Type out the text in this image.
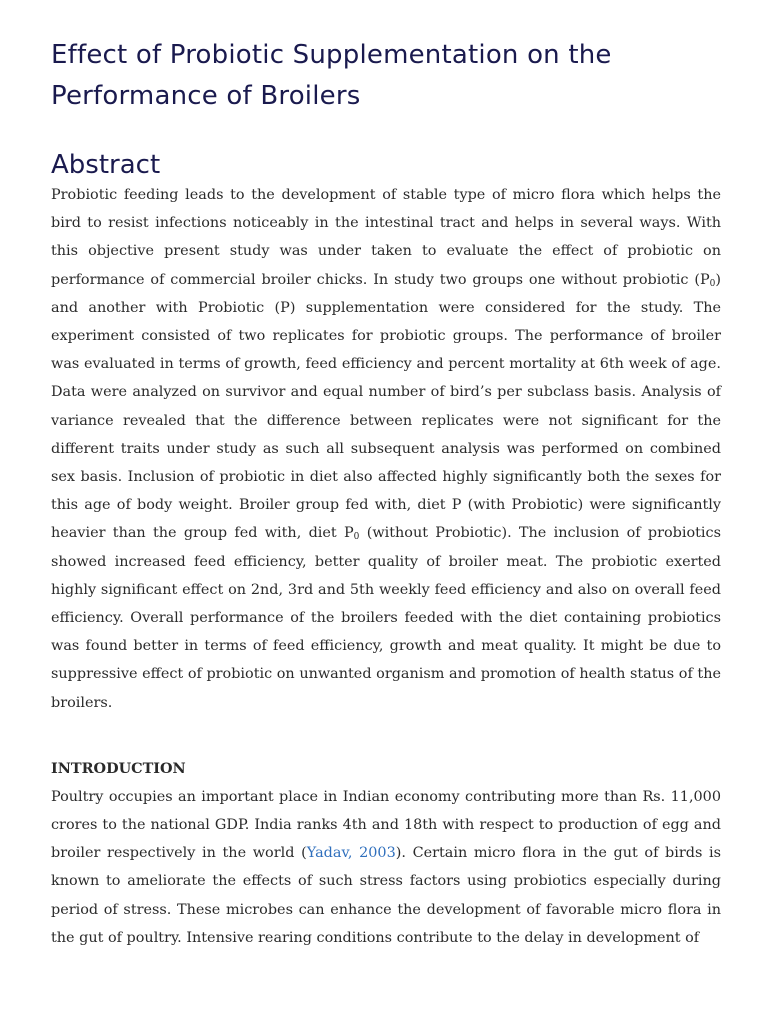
Effect of Probiotic Supplementation on the Performance of Broilers
Abstract

Probiotic feeding leads to the development of stable type of micro flora which helps the bird to resist infections noticeably in the intestinal tract and helps in several ways. With this objective present study was under taken to evaluate the effect of probiotic on performance of commercial broiler chicks. In study two groups one without probiotic $(P_0)$ and another with Probiotic (P) supplementation were considered for the study. The experiment consisted of two replicates for probiotic groups. The performance of broiler was evaluated in terms of growth, feed efficiency and percent mortality at 6th week of age. Data were analyzed on survivor and equal number of bird’s per subclass basis. Analysis of variance revealed that the difference between replicates were not significant for the different traits under study as such all subsequent analysis was performed on combined sex basis. Inclusion of probiotic in diet also affected highly significantly both the sexes for this age of body weight. Broiler group fed with, diet P (with Probiotic) were significantly heavier than the group fed with, diet $P_0$ (without Probiotic). The inclusion of probiotics showed increased feed efficiency, better quality of broiler meat. The probiotic exerted highly significant effect on 2nd, 3rd and 5th weekly feed efficiency and also on overall feed efficiency. Overall performance of the broilers feeded with the diet containing probiotics was found better in terms of feed efficiency, growth and meat quality. It might be due to suppressive effect of probiotic on unwanted organism and promotion of health status of the broilers.

INTRODUCTION

Poultry occupies an important place in Indian economy contributing more than Rs. 11,000 crores to the national GDP. India ranks 4th and 18th with respect to production of egg and broiler respectively in the world (Yadav, 2003). Certain micro flora in the gut of birds is known to ameliorate the effects of such stress factors using probiotics especially during period of stress. These microbes can enhance the development of favorable micro flora in the gut of poultry. Intensive rearing conditions contribute to the delay in development of
